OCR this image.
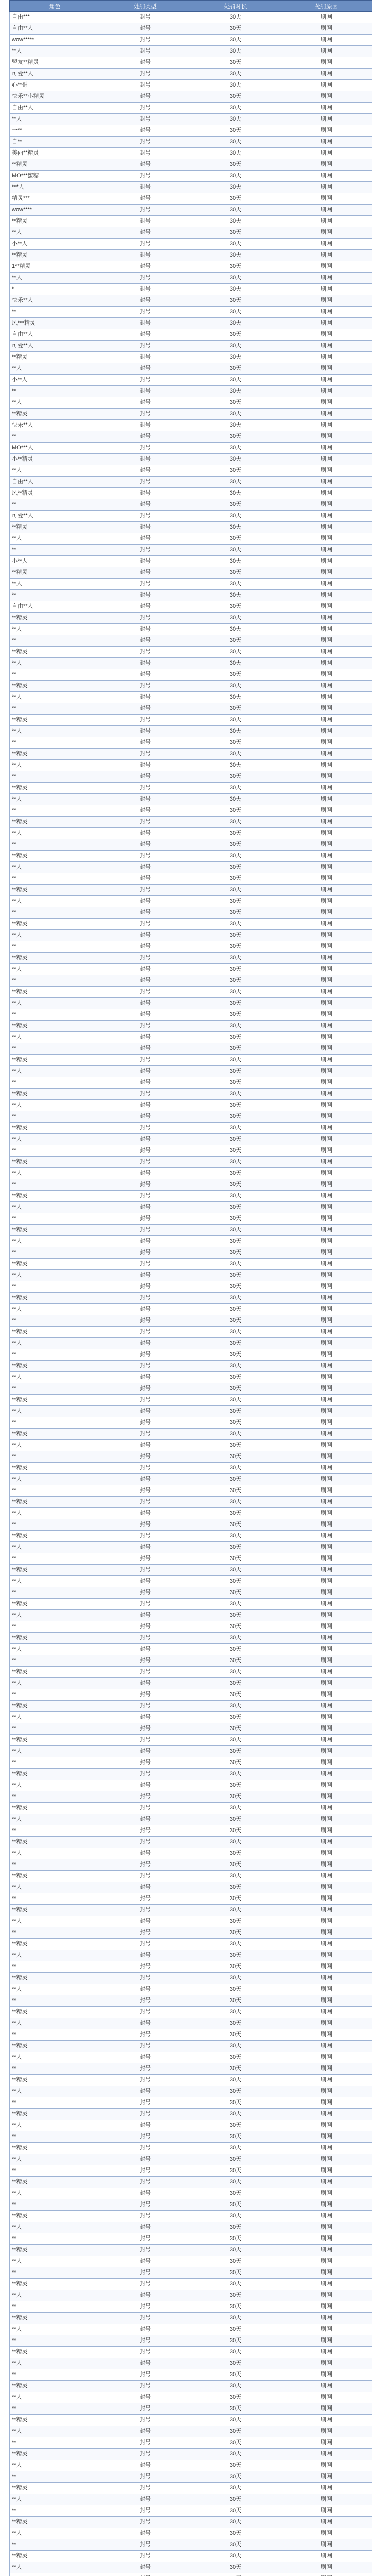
角色	处罚类型	处罚时长	处罚原因
自由***	封号	30天	刷网
自由**人	封号	30天	刷网
wow*****	封号	30天	刷网
**人	封号	30天	刷网
盟友**精灵	封号	30天	刷网
可爱**人	封号	30天	刷网
心**哥	封号	30天	刷网
快乐**小精灵	封号	30天	刷网
自由**人	封号	30天	刷网
**人	封号	30天	刷网
一**	封号	30天	刷网
自**	封号	30天	刷网
美丽**精灵	封号	30天	刷网
**精灵	封号	30天	刷网
MO***蜜糖	封号	30天	刷网
***人	封号	30天	刷网
精灵***	封号	30天	刷网
wow****	封号	30天	刷网
**精灵	封号	30天	刷网
**人	封号	30天	刷网
小**人	封号	30天	刷网
**精灵	封号	30天	刷网
1**精灵	封号	30天	刷网
**人	封号	30天	刷网
*	封号	30天	刷网
快乐**人	封号	30天	刷网
**	封号	30天	刷网
风***精灵	封号	30天	刷网
自由**人	封号	30天	刷网
可爱**人	封号	30天	刷网
**精灵	封号	30天	刷网
**人	封号	30天	刷网
小**人	封号	30天	刷网
**	封号	30天	刷网
**人	封号	30天	刷网
**精灵	封号	30天	刷网
快乐**人	封号	30天	刷网
**	封号	30天	刷网
MO***人	封号	30天	刷网
小**精灵	封号	30天	刷网
**人	封号	30天	刷网
自由**人	封号	30天	刷网
风**精灵	封号	30天	刷网
**	封号	30天	刷网
可爱**人	封号	30天	刷网
**精灵	封号	30天	刷网
**人	封号	30天	刷网
**	封号	30天	刷网
小**人	封号	30天	刷网
**精灵	封号	30天	刷网
**人	封号	30天	刷网
**	封号	30天	刷网
自由**人	封号	30天	刷网
**精灵	封号	30天	刷网
**人	封号	30天	刷网
**	封号	30天	刷网
**精灵	封号	30天	刷网
**人	封号	30天	刷网
**	封号	30天	刷网
**精灵	封号	30天	刷网
**人	封号	30天	刷网
**	封号	30天	刷网
**精灵	封号	30天	刷网
**人	封号	30天	刷网
**	封号	30天	刷网
**精灵	封号	30天	刷网
**人	封号	30天	刷网
**	封号	30天	刷网
**精灵	封号	30天	刷网
**人	封号	30天	刷网
**	封号	30天	刷网
**精灵	封号	30天	刷网
**人	封号	30天	刷网
**	封号	30天	刷网
**精灵	封号	30天	刷网
**人	封号	30天	刷网
**	封号	30天	刷网
**精灵	封号	30天	刷网
**人	封号	30天	刷网
**	封号	30天	刷网
**精灵	封号	30天	刷网
**人	封号	30天	刷网
**	封号	30天	刷网
**精灵	封号	30天	刷网
**人	封号	30天	刷网
**	封号	30天	刷网
**精灵	封号	30天	刷网
**人	封号	30天	刷网
**	封号	30天	刷网
**精灵	封号	30天	刷网
**人	封号	30天	刷网
**	封号	30天	刷网
**精灵	封号	30天	刷网
**人	封号	30天	刷网
**	封号	30天	刷网
**精灵	封号	30天	刷网
**人	封号	30天	刷网
**	封号	30天	刷网
**精灵	封号	30天	刷网
**人	封号	30天	刷网
**	封号	30天	刷网
**精灵	封号	30天	刷网
**人	封号	30天	刷网
**	封号	30天	刷网
**精灵	封号	30天	刷网
**人	封号	30天	刷网
**	封号	30天	刷网
**精灵	封号	30天	刷网
**人	封号	30天	刷网
**	封号	30天	刷网
**精灵	封号	30天	刷网
**人	封号	30天	刷网
**	封号	30天	刷网
**精灵	封号	30天	刷网
**人	封号	30天	刷网
**	封号	30天	刷网
**精灵	封号	30天	刷网
**人	封号	30天	刷网
**	封号	30天	刷网
**精灵	封号	30天	刷网
**人	封号	30天	刷网
**	封号	30天	刷网
**精灵	封号	30天	刷网
**人	封号	30天	刷网
**	封号	30天	刷网
**精灵	封号	30天	刷网
**人	封号	30天	刷网
**	封号	30天	刷网
**精灵	封号	30天	刷网
**人	封号	30天	刷网
**	封号	30天	刷网
**精灵	封号	30天	刷网
**人	封号	30天	刷网
**	封号	30天	刷网
**精灵	封号	30天	刷网
**人	封号	30天	刷网
**	封号	30天	刷网
**精灵	封号	30天	刷网
**人	封号	30天	刷网
**	封号	30天	刷网
**精灵	封号	30天	刷网
**人	封号	30天	刷网
**	封号	30天	刷网
**精灵	封号	30天	刷网
**人	封号	30天	刷网
**	封号	30天	刷网
**精灵	封号	30天	刷网
**人	封号	30天	刷网
**	封号	30天	刷网
**精灵	封号	30天	刷网
**人	封号	30天	刷网
**	封号	30天	刷网
**精灵	封号	30天	刷网
**人	封号	30天	刷网
**	封号	30天	刷网
**精灵	封号	30天	刷网
**人	封号	30天	刷网
**	封号	30天	刷网
**精灵	封号	30天	刷网
**人	封号	30天	刷网
**	封号	30天	刷网
**精灵	封号	30天	刷网
**人	封号	30天	刷网
**	封号	30天	刷网
**精灵	封号	30天	刷网
**人	封号	30天	刷网
**	封号	30天	刷网
**精灵	封号	30天	刷网
**人	封号	30天	刷网
**	封号	30天	刷网
**精灵	封号	30天	刷网
**人	封号	30天	刷网
**	封号	30天	刷网
**精灵	封号	30天	刷网
**人	封号	30天	刷网
**	封号	30天	刷网
**精灵	封号	30天	刷网
**人	封号	30天	刷网
**	封号	30天	刷网
**精灵	封号	30天	刷网
**人	封号	30天	刷网
**	封号	30天	刷网
**精灵	封号	30天	刷网
**人	封号	30天	刷网
**	封号	30天	刷网
**精灵	封号	30天	刷网
**人	封号	30天	刷网
**	封号	30天	刷网
**精灵	封号	30天	刷网
**人	封号	30天	刷网
**	封号	30天	刷网
**精灵	封号	30天	刷网
**人	封号	30天	刷网
**	封号	30天	刷网
**精灵	封号	30天	刷网
**人	封号	30天	刷网
**	封号	30天	刷网
**精灵	封号	30天	刷网
**人	封号	30天	刷网
**	封号	30天	刷网
**精灵	封号	30天	刷网
**人	封号	30天	刷网
**	封号	30天	刷网
**精灵	封号	30天	刷网
**人	封号	30天	刷网
**	封号	30天	刷网
**精灵	封号	30天	刷网
**人	封号	30天	刷网
**	封号	30天	刷网
**精灵	封号	30天	刷网
**人	封号	30天	刷网
**	封号	30天	刷网
**精灵	封号	30天	刷网
**人	封号	30天	刷网
**	封号	30天	刷网
**精灵	封号	30天	刷网
**人	封号	30天	刷网
**	封号	30天	刷网
**精灵	封号	30天	刷网
**人	封号	30天	刷网
**	封号	30天	刷网
**精灵	封号	30天	刷网
**人	封号	30天	刷网
**	封号	30天	刷网
**精灵	封号	30天	刷网
**人	封号	30天	刷网
